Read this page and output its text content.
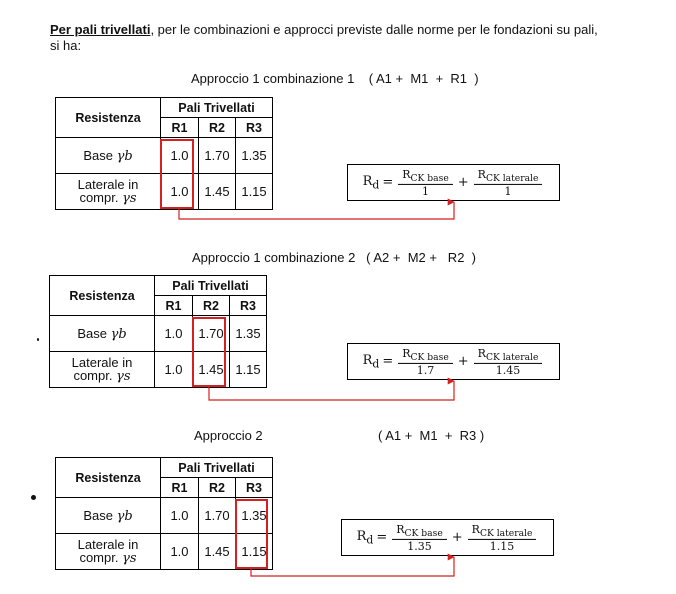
Per pali trivellati, per le combinazioni e approcci previste dalle norme per le fondazioni su pali,
si ha:
Approccio 1 combinazione 1    ( A1 +  M1  +  R1  )
Resistenza	Pali Trivellati		
	R1	R2	R3
Base γb	1.0	1.70	1.35
Laterale in
compr. γs	1.0	1.45	1.15
$R_d = \frac{R_{CK base}}{1} + \frac{R_{CK laterale}}{1}$
Approccio 1 combinazione 2   ( A2 +  M2 +   R2  )
Resistenza	Pali Trivellati		
	R1	R2	R3
Base γb	1.0	1.70	1.35
Laterale in
compr. γs	1.0	1.45	1.15
$R_d = \frac{R_{CK base}}{1.7} + \frac{R_{CK laterale}}{1.45}$
Approccio 2	( A1 +  M1  +  R3 )
Resistenza	Pali Trivellati		
	R1	R2	R3
Base γb	1.0	1.70	1.35
Laterale in
compr. γs	1.0	1.45	1.15
$R_d = \frac{R_{CK base}}{1.35} + \frac{R_{CK laterale}}{1.15}$
